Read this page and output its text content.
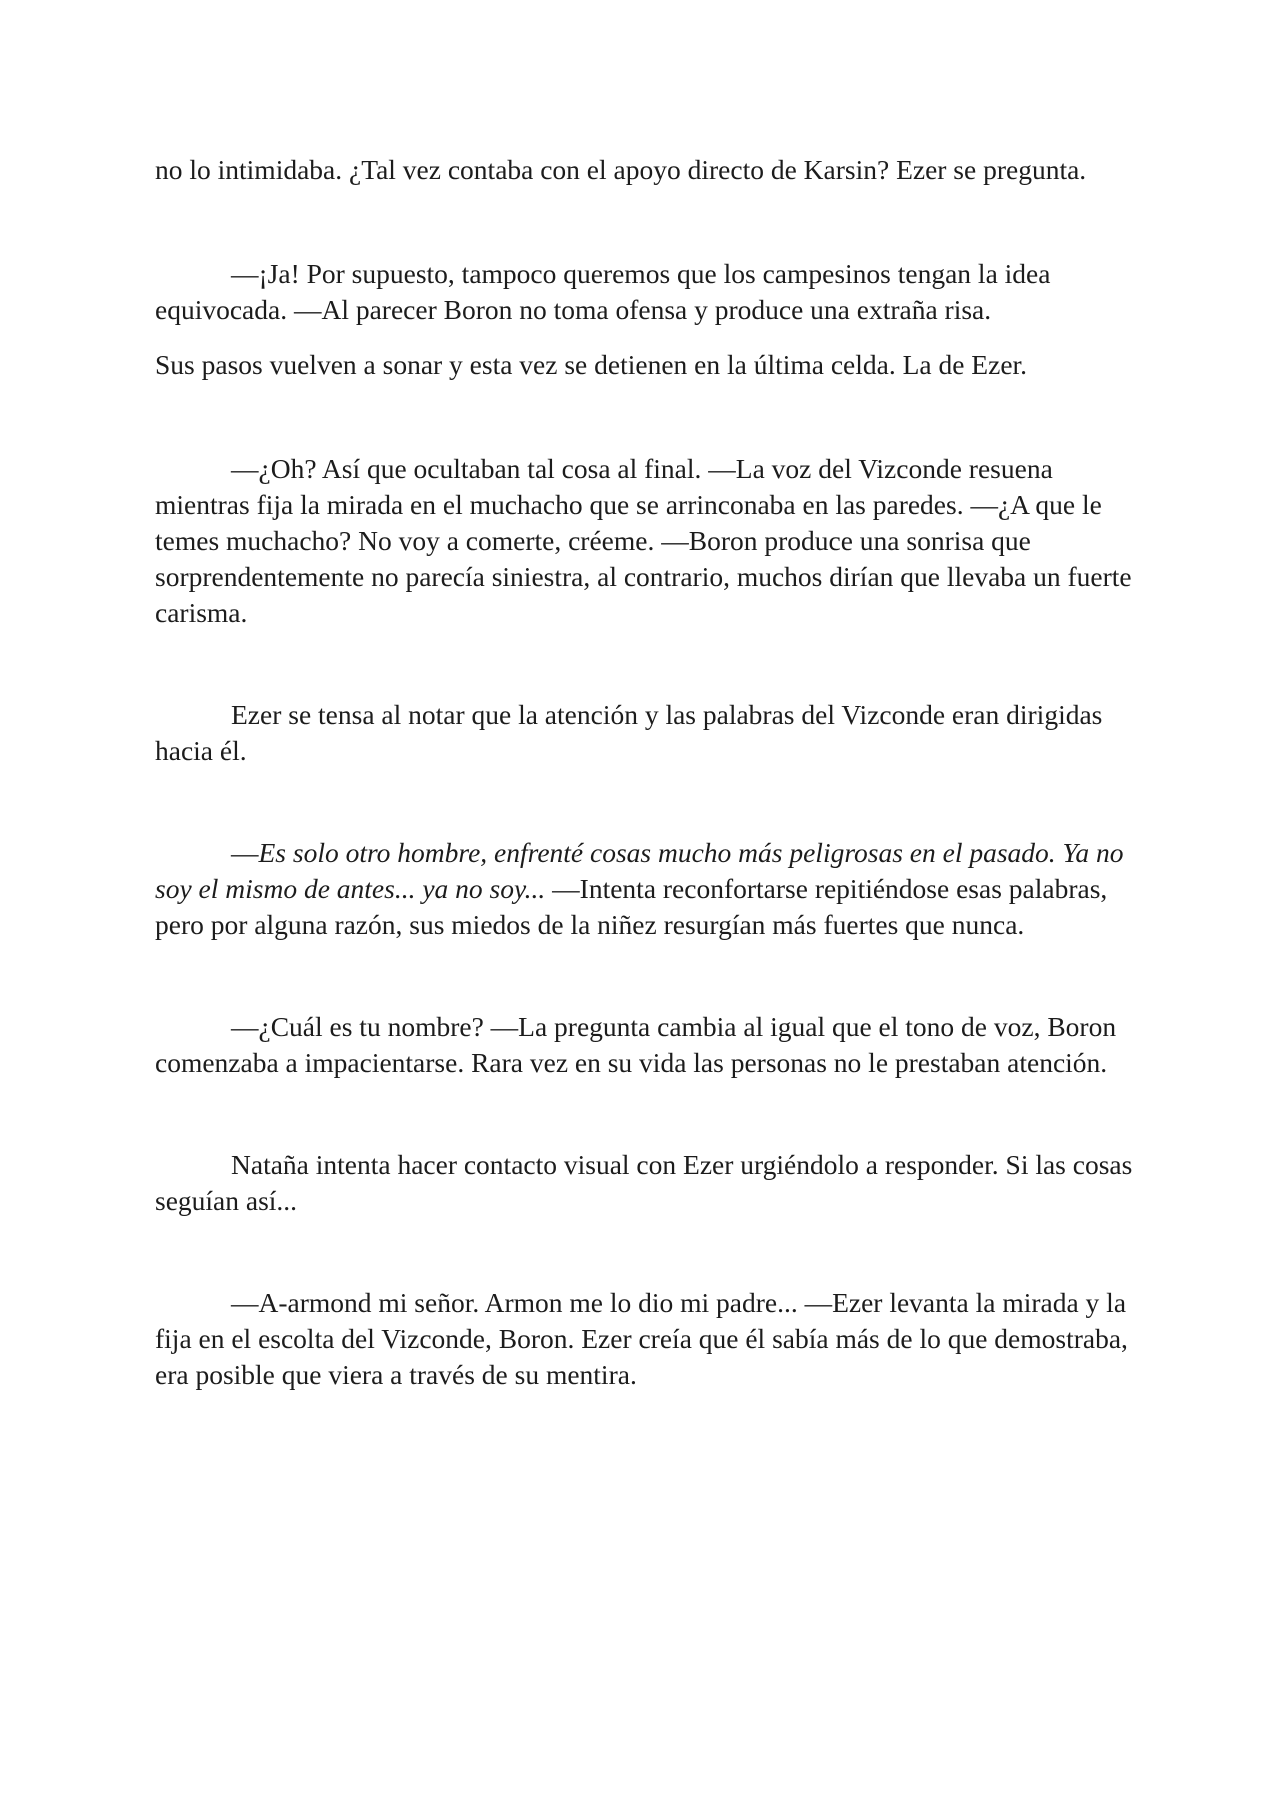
no lo intimidaba. ¿Tal vez contaba con el apoyo directo de Karsin? Ezer se pregunta.

—¡Ja! Por supuesto, tampoco queremos que los campesinos tengan la idea equivocada. —Al parecer Boron no toma ofensa y produce una extraña risa.

Sus pasos vuelven a sonar y esta vez se detienen en la última celda. La de Ezer.

—¿Oh? Así que ocultaban tal cosa al final. —La voz del Vizconde resuena mientras fija la mirada en el muchacho que se arrinconaba en las paredes. —¿A que le temes muchacho? No voy a comerte, créeme. —Boron produce una sonrisa que sorprendentemente no parecía siniestra, al contrario, muchos dirían que llevaba un fuerte carisma.

Ezer se tensa al notar que la atención y las palabras del Vizconde eran dirigidas hacia él.

—Es solo otro hombre, enfrenté cosas mucho más peligrosas en el pasado. Ya no soy el mismo de antes... ya no soy... —Intenta reconfortarse repitiéndose esas palabras, pero por alguna razón, sus miedos de la niñez resurgían más fuertes que nunca.

—¿Cuál es tu nombre? —La pregunta cambia al igual que el tono de voz, Boron comenzaba a impacientarse. Rara vez en su vida las personas no le prestaban atención.

Nataña intenta hacer contacto visual con Ezer urgiéndolo a responder. Si las cosas seguían así...

—A-armond mi señor. Armon me lo dio mi padre... —Ezer levanta la mirada y la fija en el escolta del Vizconde, Boron. Ezer creía que él sabía más de lo que demostraba, era posible que viera a través de su mentira.
